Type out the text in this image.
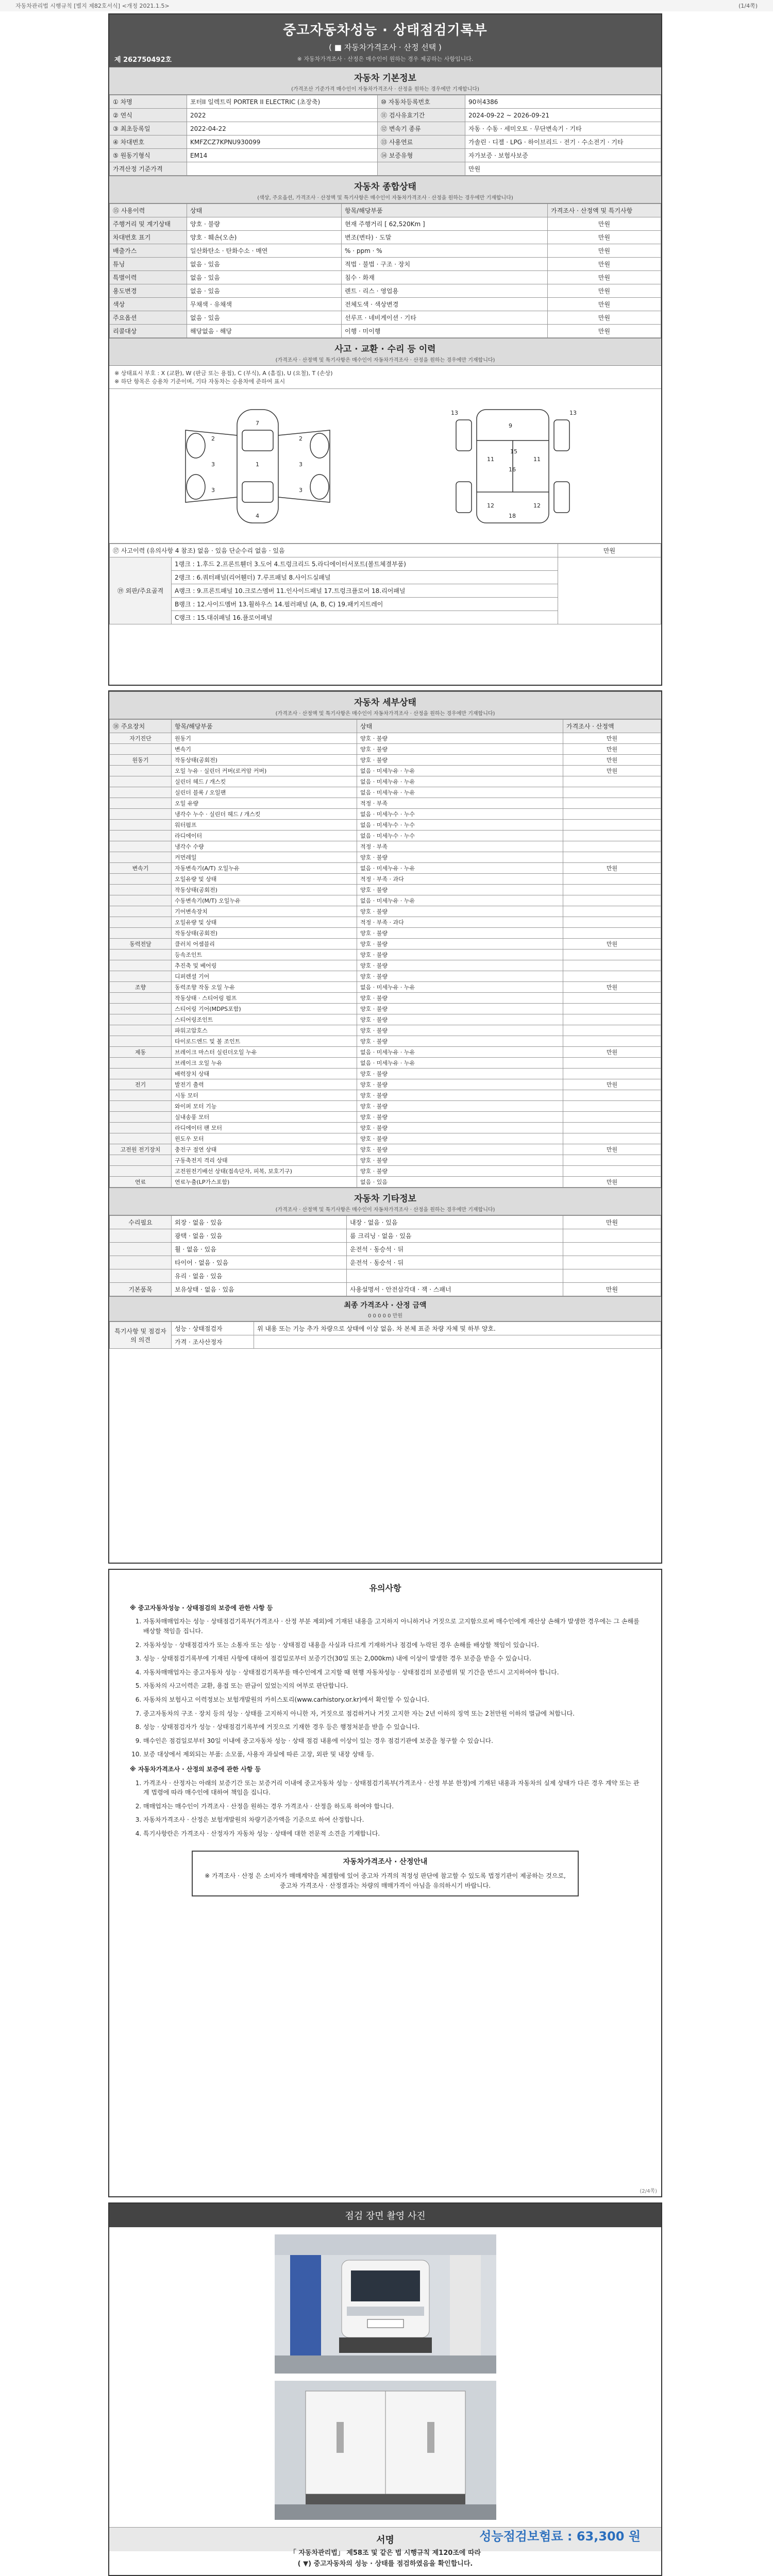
자동차관리법 시행규칙 [별지 제82호서식] <개정 2021.1.5>	(1/4쪽)
중고자동차성능 · 상태점검기록부
( ■ 자동차가격조사 · 산정 선택 )
※ 자동차가격조사 · 산정은 매수인이 원하는 경우 제공하는 사항입니다.
제 262750492호
자동차 기본정보
(가격조산 기준가격 매수인이 자동차가격조사 · 산정을 원하는 경우에만 기재합니다)
① 차명	포터II 일렉트릭 PORTER II ELECTRIC (초장축)	⑩ 자동차등록번호	90허4386
② 연식	2022	⑪ 검사유효기간	2024-09-22 ~ 2026-09-21
③ 최초등록일	2022-04-22	⑫ 변속기 종류	자동 · 수동 · 세미오토 · 무단변속기 · 기타
④ 차대번호	KMFZCZ7KPNU930099	⑬ 사용연료	가솔린 · 디젤 · LPG · 하이브리드 · 전기 · 수소전기 · 기타
⑤ 원동기형식	EM14	⑭ 보증유형	자가보증 · 보험사보증
가격산정 기준가격			만원
자동차 종합상태
(색상, 주요옵션, 가격조사 · 산정액 및 특기사항은 매수인이 자동차가격조사 · 산정을 원하는 경우에만 기재합니다)
⑮ 사용이력	상태	항목/해당부품	가격조사 · 산정액 및 특기사항
주행거리 및 계기상태	양호 · 불량	현재 주행거리 [ 62,520Km ]	만원
차대번호 표기	양호 · 훼손(오손)	변조(변타) · 도말	만원
배출가스	일산화탄소 · 탄화수소 · 매연	% · ppm · %	만원
튜닝	없음 · 있음	적법 · 불법 · 구조 · 장치	만원
특별이력	없음 · 있음	침수 · 화재	만원
용도변경	없음 · 있음	렌트 · 리스 · 영업용	만원
색상	무채색 · 유채색	전체도색 · 색상변경	만원
주요옵션	없음 · 있음	선루프 · 네비게이션 · 기타	만원
리콜대상	해당없음 · 해당	이행 · 미이행	만원
사고 · 교환 · 수리 등 이력
(가격조사 · 산정액 및 특기사항은 매수인이 자동차가격조사 · 산정을 원하는 경우에만 기재합니다)
※ 상태표시 부호 : X (교환), W (판금 또는 용접), C (부식), A (흠집), U (요철), T (손상)
※ 하단 항목은 승용차 기준이며, 기타 자동차는 승용차에 준하여 표시
1
2	2
3	3
3	3
4
7	9
11	11
16
12	12
18
13	13
15
⑰ 사고이력 (유의사항 4 참조) 없음 · 있음 단순수리 없음 · 있음		만원
⑲ 외판/주요골격	1랭크 : 1.후드 2.프론트휀더 3.도어 4.트렁크리드 5.라디에이터서포트(볼트체결부품)	
	2랭크 : 6.쿼터패널(리어휀더) 7.루프패널 8.사이드실패널	
	A랭크 : 9.프론트패널 10.크로스멤버 11.인사이드패널 17.트렁크플로어 18.리어패널	
	B랭크 : 12.사이드멤버 13.휠하우스 14.필러패널 (A, B, C) 19.패키지트레이	
	C랭크 : 15.대쉬패널 16.플로어패널	
자동차 세부상태
(가격조사 · 산정액 및 특기사항은 매수인이 자동차가격조사 · 산정을 원하는 경우에만 기재합니다)
⑱ 주요장치	항목/해당부품	상태	가격조사 · 산정액
자기진단	원동기	양호 · 불량	만원
	변속기	양호 · 불량	만원
원동기	작동상태(공회전)	양호 · 불량	만원
	오일 누유 · 실린더 커버(로커암 커버)	없음 · 미세누유 · 누유	만원
	실린더 헤드 / 개스킷	없음 · 미세누유 · 누유	
	실린더 블록 / 오일팬	없음 · 미세누유 · 누유	
	오일 유량	적정 · 부족	
	냉각수 누수 · 실린더 헤드 / 개스킷	없음 · 미세누수 · 누수	
	워터펌프	없음 · 미세누수 · 누수	
	라디에이터	없음 · 미세누수 · 누수	
	냉각수 수량	적정 · 부족	
	커먼레일	양호 · 불량	
변속기	자동변속기(A/T) 오일누유	없음 · 미세누유 · 누유	만원
	오일유량 및 상태	적정 · 부족 · 과다	
	작동상태(공회전)	양호 · 불량	
	수동변속기(M/T) 오일누유	없음 · 미세누유 · 누유	
	기어변속장치	양호 · 불량	
	오일유량 및 상태	적정 · 부족 · 과다	
	작동상태(공회전)	양호 · 불량	
동력전달	클러치 어셈블리	양호 · 불량	만원
	등속조인트	양호 · 불량	
	추진축 및 베어링	양호 · 불량	
	디퍼렌셜 기어	양호 · 불량	
조향	동력조향 작동 오일 누유	없음 · 미세누유 · 누유	만원
	작동상태 · 스티어링 펌프	양호 · 불량	
	스티어링 기어(MDPS포함)	양호 · 불량	
	스티어링조인트	양호 · 불량	
	파워고압호스	양호 · 불량	
	타이로드엔드 및 볼 조인트	양호 · 불량	
제동	브레이크 마스터 실린더오일 누유	없음 · 미세누유 · 누유	만원
	브레이크 오일 누유	없음 · 미세누유 · 누유	
	배력장치 상태	양호 · 불량	
전기	발전기 출력	양호 · 불량	만원
	시동 모터	양호 · 불량	
	와이퍼 모터 기능	양호 · 불량	
	실내송풍 모터	양호 · 불량	
	라디에이터 팬 모터	양호 · 불량	
	윈도우 모터	양호 · 불량	
고전원 전기장치	충전구 절연 상태	양호 · 불량	만원
	구동축전지 격리 상태	양호 · 불량	
	고전원전기배선 상태(접속단자, 피복, 보호기구)	양호 · 불량	
연료	연료누출(LP가스포함)	없음 · 있음	만원
자동차 기타정보
(가격조사 · 산정액 및 특기사항은 매수인이 자동차가격조사 · 산정을 원하는 경우에만 기재합니다)
수리필요	외장 · 없음 · 있음	내장 · 없음 · 있음	만원
	광택 · 없음 · 있음	룸 크리닝 · 없음 · 있음	
	휠 · 없음 · 있음	운전석 · 동승석 · 뒤	
	타이어 · 없음 · 있음	운전석 · 동승석 · 뒤	
	유리 · 없음 · 있음		
기본품목	보유상태 · 없음 · 있음	사용설명서 · 안전삼각대 · 잭 · 스패너	만원
최종 가격조사 · 산정 금액
0 0 0 0 0 만원
특기사항 및 점검자의 의견	성능 · 상태점검자	위 내용 또는 기능 추가 차량으로 상태에 이상 없음. 차 본체 표준 차량 자체 및 하부 양호.
	가격 · 조사산정자	
유의사항
※ 중고자동차성능 · 상태점검의 보증에 관한 사항 등
1. 자동차매매업자는 성능 · 상태점검기록부(가격조사 · 산정 부분 제외)에 기재된 내용을 고지하지 아니하거나 거짓으로 고지함으로써 매수인에게 재산상 손해가 발생한 경우에는 그 손해를 배상할 책임을 집니다.
2. 자동차성능 · 상태점검자가 또는 소통자 또는 성능 · 상태점검 내용을 사실과 다르게 기재하거나 점검에 누락된 경우 손해를 배상할 책임이 있습니다.
3. 성능 · 상태점검기록부에 기재된 사항에 대하여 점검일로부터 보증기간(30일 또는 2,000km) 내에 이상이 발생한 경우 보증을 받을 수 있습니다.
4. 자동차매매업자는 중고자동차 성능 · 상태점검기록부를 매수인에게 고지할 때 현행 자동차성능 · 상태점검의 보증범위 및 기간을 반드시 고지하여야 합니다.
5. 자동차의 사고이력은 교환, 용접 또는 판금이 있었는지의 여부로 판단합니다.
6. 자동차의 보험사고 이력정보는 보험개발원의 카히스토리(www.carhistory.or.kr)에서 확인할 수 있습니다.
7. 중고자동차의 구조 · 장치 등의 성능 · 상태를 고지하지 아니한 자, 거짓으로 점검하거나 거짓 고지한 자는 2년 이하의 징역 또는 2천만원 이하의 벌금에 처합니다.
8. 성능 · 상태점검자가 성능 · 상태점검기록부에 거짓으로 기재한 경우 등은 행정처분을 받을 수 있습니다.
9. 매수인은 점검일로부터 30일 이내에 중고자동차 성능 · 상태 점검 내용에 이상이 있는 경우 점검기관에 보증을 청구할 수 있습니다.
10. 보증 대상에서 제외되는 부품: 소모품, 사용자 과실에 따른 고장, 외판 및 내장 상태 등.
※ 자동차가격조사 · 산정의 보증에 관한 사항 등
1. 가격조사 · 산정자는 아래의 보증기간 또는 보증거리 이내에 중고자동차 성능 · 상태점검기록부(가격조사 · 산정 부분 한정)에 기재된 내용과 자동차의 실제 상태가 다른 경우 계약 또는 관계 법령에 따라 매수인에 대하여 책임을 집니다.
2. 매매업자는 매수인이 가격조사 · 산정을 원하는 경우 가격조사 · 산정을 하도록 하여야 합니다.
3. 자동차가격조사 · 산정은 보험개발원의 차량기준가액을 기준으로 하여 산정합니다.
4. 특기사항란은 가격조사 · 산정자가 자동차 성능 · 상태에 대한 전문적 소견을 기재합니다.
자동차가격조사 · 산정안내
※ 가격조사 · 산정 은 소비자가 매매계약을 체결함에 있어 중고차 가격의 적정성 판단에 참고할 수 있도록 법정기관이 제공하는 것으로, 중고차 가격조사 · 산정결과는 차량의 매매가격이 아님을 유의하시기 바랍니다.
(2/4쪽)
점검 장면 촬영 사진
서명	성능점검보험료 : 63,300 원
「 자동차관리법」 제58조 및 같은 법 시행규칙 제120조에 따라
( ▼) 중고자동차의 성능 · 상태를 점검하였음을 확인합니다.
